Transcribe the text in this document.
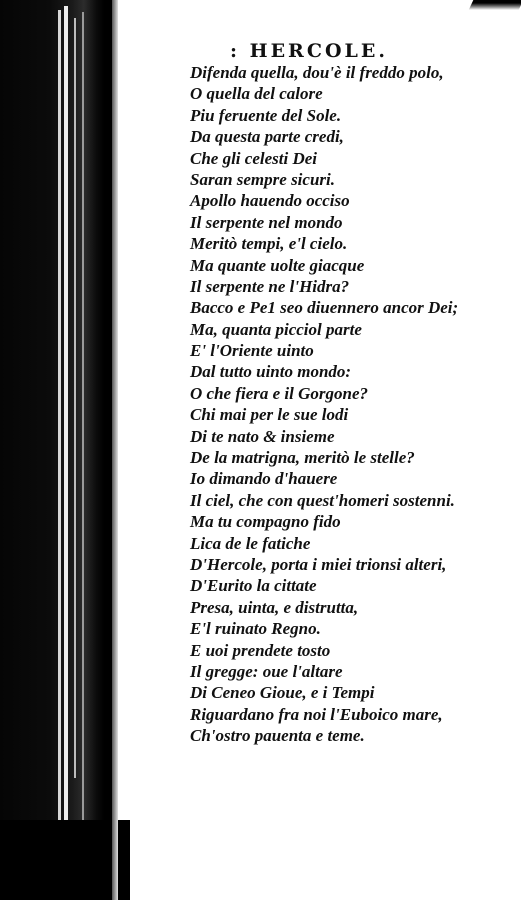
: HERCOLE.
Difenda quella, dou'è il freddo polo,
O quella del calore
Piu feruente del Sole.
Da questa parte credi,
Che gli celesti Dei
Saran sempre sicuri.
Apollo hauendo occiso
Il serpente nel mondo
Meritò tempi, e'l cielo.
Ma quante uolte giacque
Il serpente ne l'Hidra?
Bacco e Pe1 seo diuennero ancor Dei;
Ma, quanta picciol parte
E' l'Oriente uinto
Dal tutto uinto mondo:
O che fiera e il Gorgone?
Chi mai per le sue lodi
Di te nato & insieme
De la matrigna, meritò le stelle?
Io dimando d'hauere
Il ciel, che con quest'homeri sostenni.
Ma tu compagno fido
Lica de le fatiche
D'Hercole, porta i miei trionsi alteri,
D'Eurito la cittate
Presa, uinta, e distrutta,
E'l ruinato Regno.
E uoi prendete tosto
Il gregge: oue l'altare
Di Ceneo Gioue, e i Tempi
Riguardano fra noi l'Euboico mare,
Ch'ostro pauenta e teme.
